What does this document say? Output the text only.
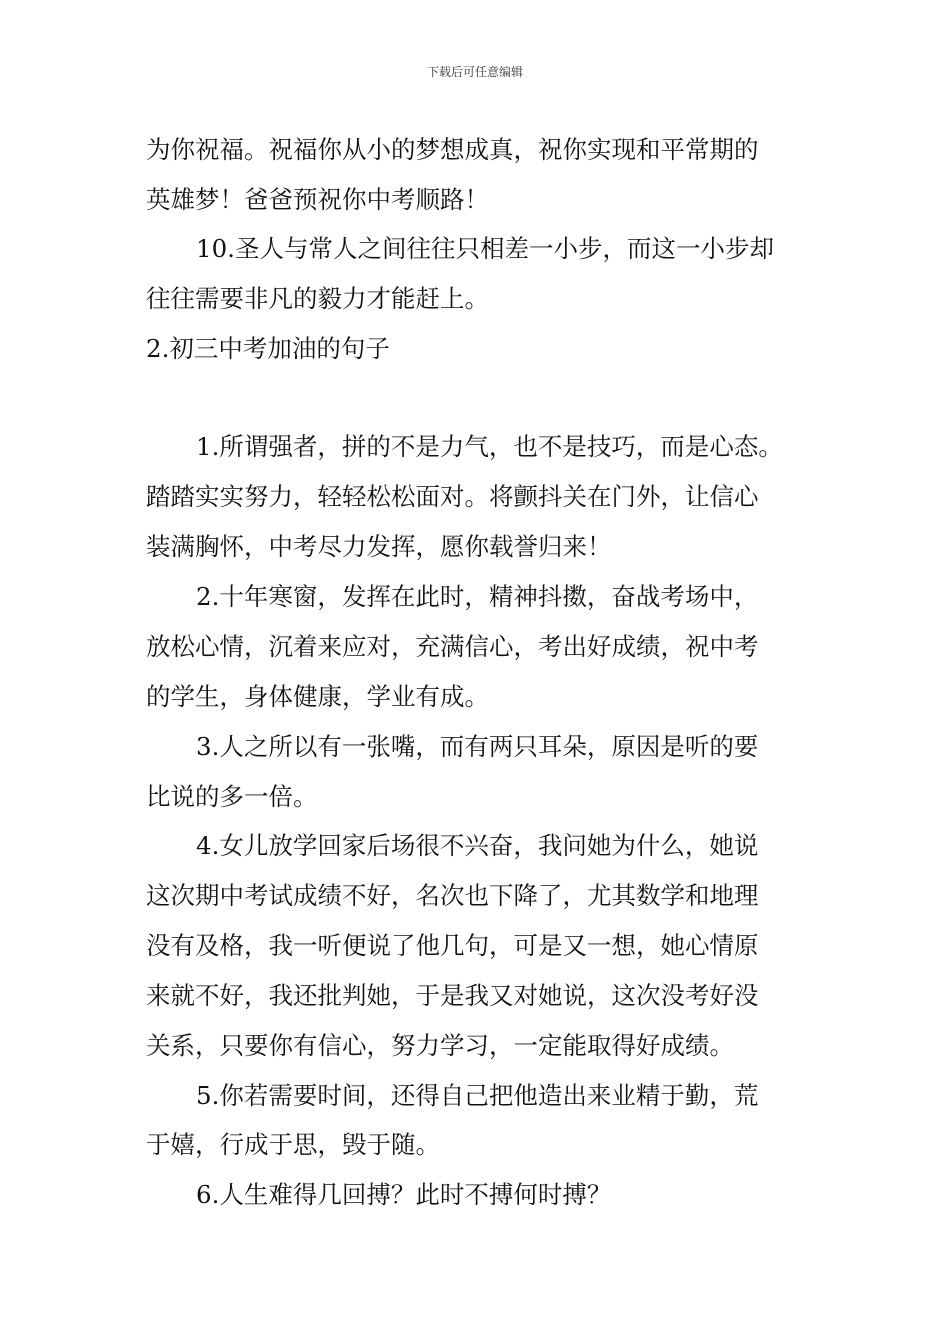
下载后可任意编辑
为你祝福。祝福你从小的梦想成真，祝你实现和平常期的
英雄梦！爸爸预祝你中考顺路！
10.圣人与常人之间往往只相差一小步，而这一小步却
往往需要非凡的毅力才能赶上。
2.初三中考加油的句子
1.所谓强者，拼的不是力气，也不是技巧，而是心态。
踏踏实实努力，轻轻松松面对。将颤抖关在门外，让信心
装满胸怀，中考尽力发挥，愿你载誉归来！
2.十年寒窗，发挥在此时，精神抖擞，奋战考场中，
放松心情，沉着来应对，充满信心，考出好成绩，祝中考
的学生，身体健康，学业有成。
3.人之所以有一张嘴，而有两只耳朵，原因是听的要
比说的多一倍。
4.女儿放学回家后场很不兴奋，我问她为什么，她说
这次期中考试成绩不好，名次也下降了，尤其数学和地理
没有及格，我一听便说了他几句，可是又一想，她心情原
来就不好，我还批判她，于是我又对她说，这次没考好没
关系，只要你有信心，努力学习，一定能取得好成绩。
5.你若需要时间，还得自己把他造出来业精于勤，荒
于嬉，行成于思，毁于随。
6.人生难得几回搏？此时不搏何时搏？
